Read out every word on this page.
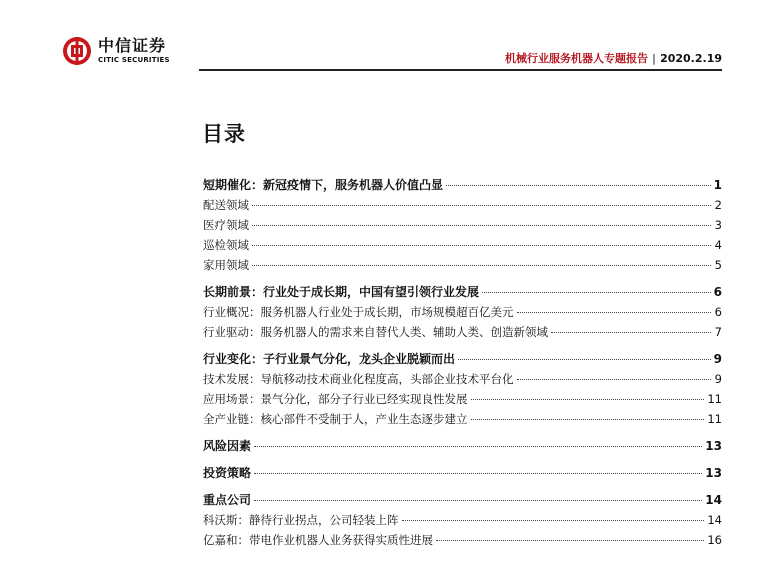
中信证券
CITIC SECURITIES	机械行业服务机器人专题报告 | 2020.2.19
目录
短期催化：新冠疫情下，服务机器人价值凸显	1
配送领域	2
医疗领域	3
巡检领域	4
家用领域	5
长期前景：行业处于成长期，中国有望引领行业发展	6
行业概况：服务机器人行业处于成长期，市场规模超百亿美元	6
行业驱动：服务机器人的需求来自替代人类、辅助人类、创造新领域	7
行业变化：子行业景气分化，龙头企业脱颖而出	9
技术发展：导航移动技术商业化程度高，头部企业技术平台化	9
应用场景：景气分化，部分子行业已经实现良性发展	11
全产业链：核心部件不受制于人，产业生态逐步建立	11
风险因素	13
投资策略	13
重点公司	14
科沃斯：静待行业拐点，公司轻装上阵	14
亿嘉和：带电作业机器人业务获得实质性进展	16
